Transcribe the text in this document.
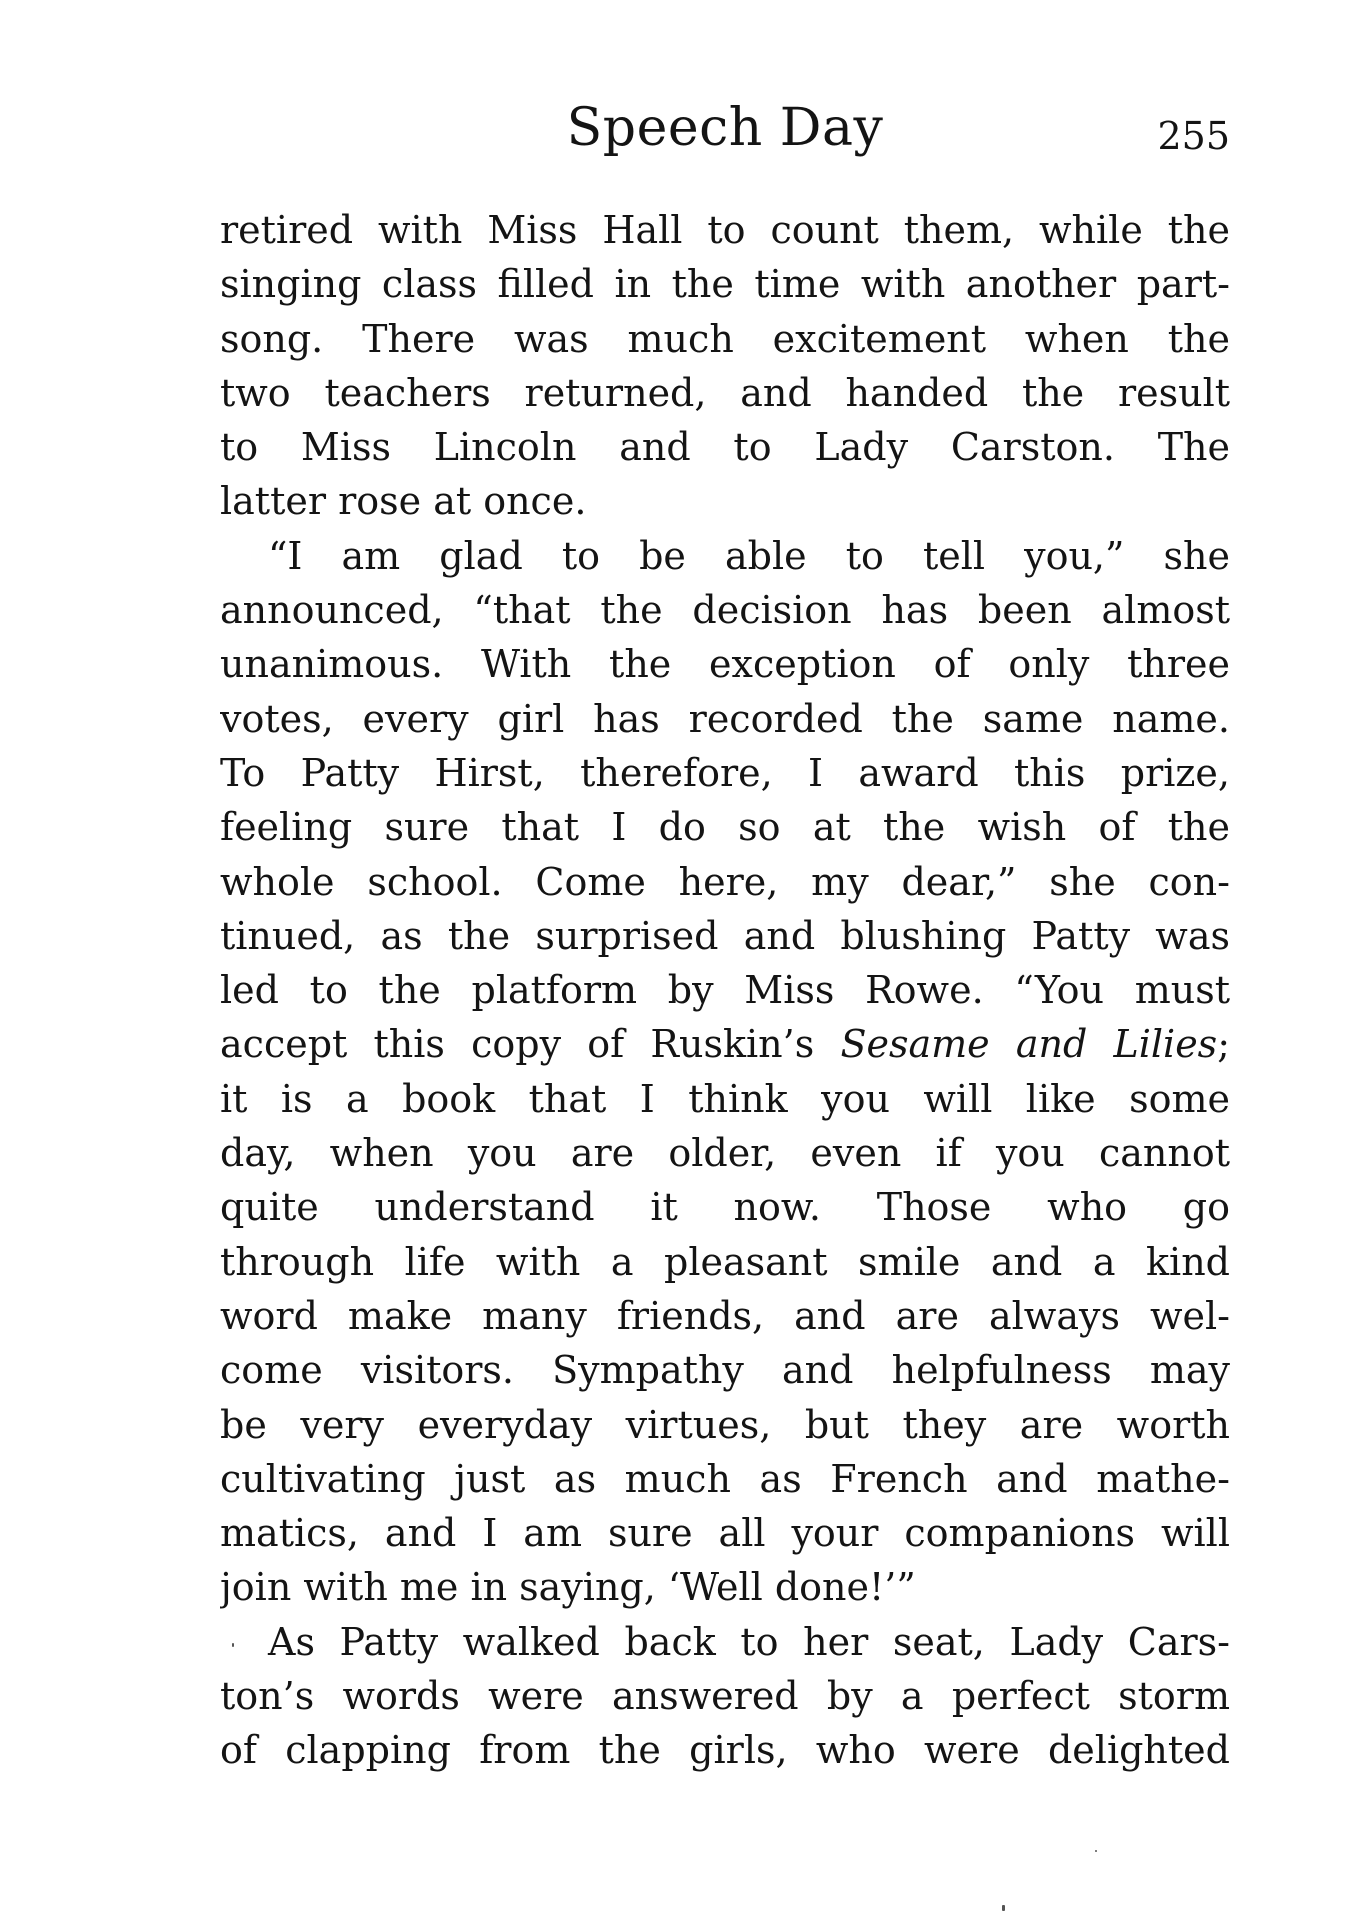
Speech Day	255
retired with Miss Hall to count them, while the
singing class filled in the time with another part-
song. There was much excitement when the
two teachers returned, and handed the result
to Miss Lincoln and to Lady Carston. The
latter rose at once.
“I am glad to be able to tell you,” she
announced, “that the decision has been almost
unanimous. With the exception of only three
votes, every girl has recorded the same name.
To Patty Hirst, therefore, I award this prize,
feeling sure that I do so at the wish of the
whole school. Come here, my dear,” she con-
tinued, as the surprised and blushing Patty was
led to the platform by Miss Rowe. “You must
accept this copy of Ruskin’s Sesame and Lilies;
it is a book that I think you will like some
day, when you are older, even if you cannot
quite understand it now. Those who go
through life with a pleasant smile and a kind
word make many friends, and are always wel-
come visitors. Sympathy and helpfulness may
be very everyday virtues, but they are worth
cultivating just as much as French and mathe-
matics, and I am sure all your companions will
join with me in saying, ‘Well done!’”
As Patty walked back to her seat, Lady Cars-
ton’s words were answered by a perfect storm
of clapping from the girls, who were delighted
